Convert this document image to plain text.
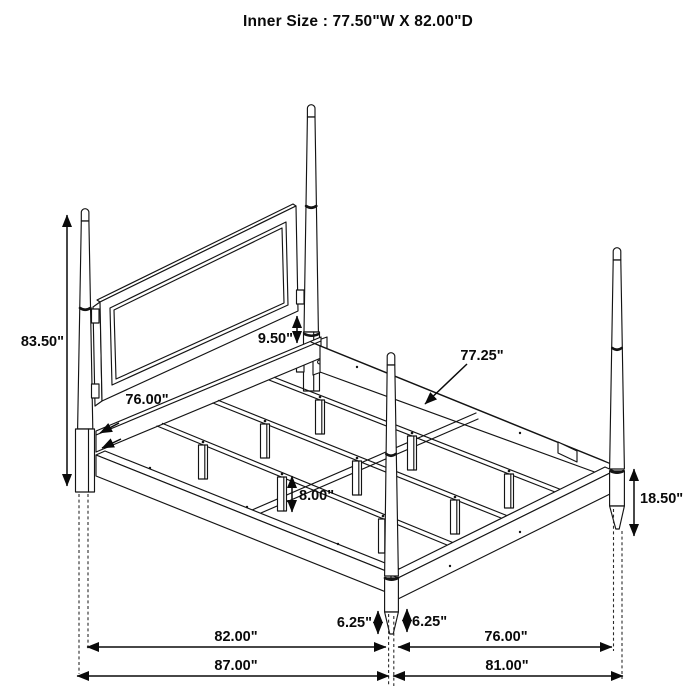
Inner Size : 77.50"W X 82.00"D
83.50"	9.50"
76.00"
77.25"
8.00"	18.50"
6.25"	6.25"
82.00"
87.00"
76.00"
81.00"
